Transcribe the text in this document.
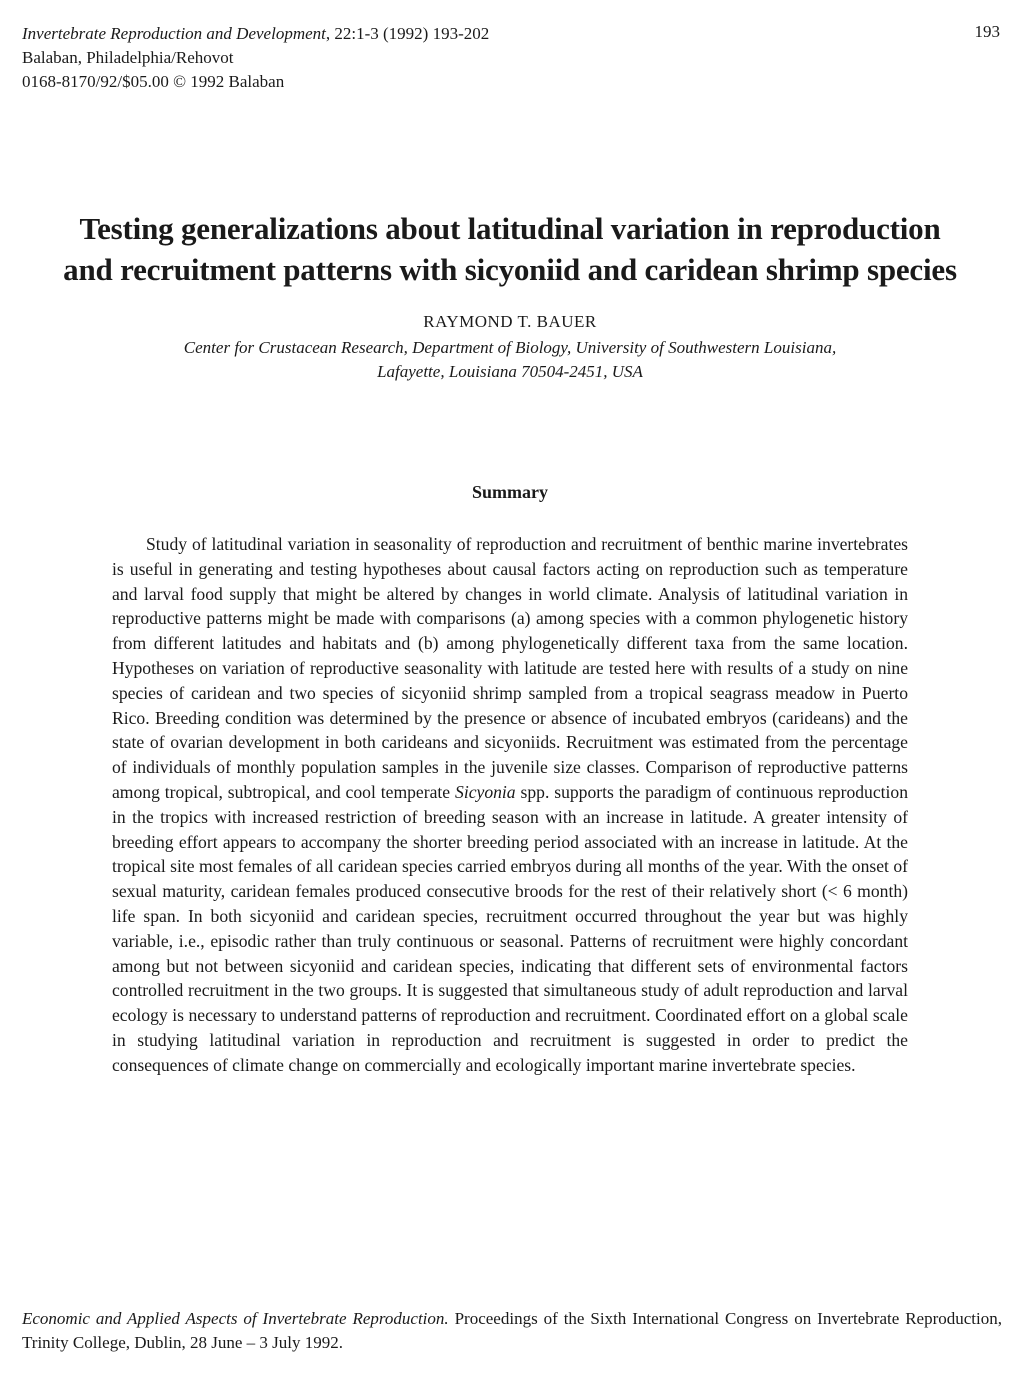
Invertebrate Reproduction and Development, 22:1-3 (1992) 193-202
Balaban, Philadelphia/Rehovot
0168-8170/92/$05.00 © 1992 Balaban
193
Testing generalizations about latitudinal variation in reproduction
and recruitment patterns with sicyoniid and caridean shrimp species
RAYMOND T. BAUER
Center for Crustacean Research, Department of Biology, University of Southwestern Louisiana,
Lafayette, Louisiana 70504-2451, USA
Summary

Study of latitudinal variation in seasonality of reproduction and recruitment of benthic marine invertebrates is useful in generating and testing hypotheses about causal factors acting on reproduction such as temperature and larval food supply that might be altered by changes in world climate. Analysis of latitudinal variation in reproductive patterns might be made with comparisons (a) among species with a common phylogenetic history from different latitudes and habitats and (b) among phylogenetically different taxa from the same location. Hypotheses on variation of reproductive seasonality with latitude are tested here with results of a study on nine species of caridean and two species of sicyoniid shrimp sampled from a tropical seagrass meadow in Puerto Rico. Breeding condition was determined by the presence or absence of incubated embryos (carideans) and the state of ovarian development in both carideans and sicyoniids. Recruitment was estimated from the percentage of individuals of monthly population samples in the juvenile size classes. Comparison of reproductive patterns among tropical, subtropical, and cool temperate Sicyonia spp. supports the paradigm of continuous reproduction in the tropics with increased restriction of breeding season with an increase in latitude. A greater intensity of breeding effort appears to accompany the shorter breeding period associated with an increase in latitude. At the tropical site most females of all caridean species carried embryos during all months of the year. With the onset of sexual maturity, caridean females produced consecutive broods for the rest of their relatively short (< 6 month) life span. In both sicyoniid and caridean species, recruitment occurred throughout the year but was highly variable, i.e., episodic rather than truly continuous or seasonal. Patterns of recruitment were highly concordant among but not between sicyoniid and caridean species, indicating that different sets of environmental factors controlled recruitment in the two groups. It is suggested that simultaneous study of adult reproduction and larval ecology is necessary to understand patterns of reproduction and recruitment. Coordinated effort on a global scale in studying latitudinal variation in reproduction and recruitment is suggested in order to predict the consequences of climate change on commercially and ecologically important marine invertebrate species.

Economic and Applied Aspects of Invertebrate Reproduction. Proceedings of the Sixth International Congress on Invertebrate Reproduction, Trinity College, Dublin, 28 June – 3 July 1992.
